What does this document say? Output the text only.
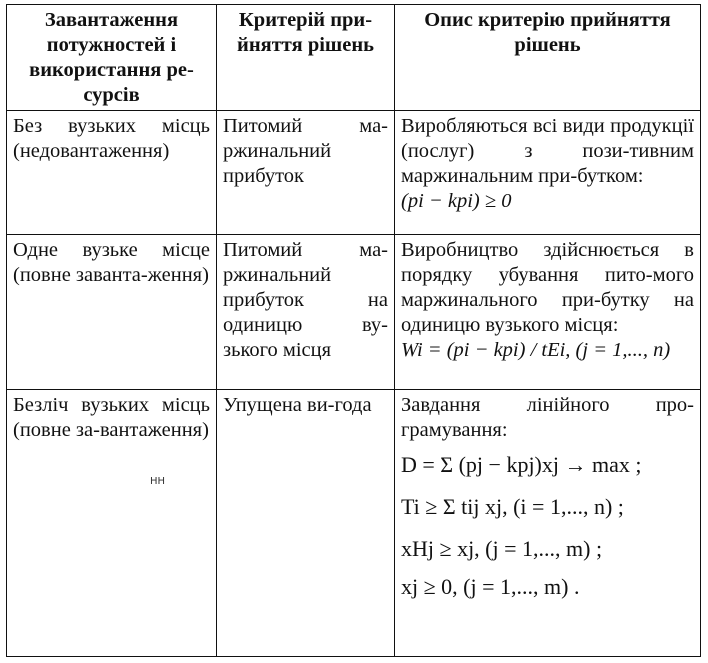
Завантаження потужностей і використання ре-сурсів	Критерій при-йняття рішень	Опис критерію прийняття рішень
Без вузьких місць (недовантаження)	Питомий ма-ржинальний прибуток	Виробляються всі види продукції (послуг) з пози-тивним маржинальним при-бутком:
(pi − kpi) ≥ 0

Одне вузьке місце (повне заванта-ження)	Питомий ма-ржинальний прибуток на одиницю ву-зького місця	Виробництво здійснюється в порядку убування пито-мого маржинального при-бутку на одиницю вузького місця:
Wi = (pi − kpi) / tEi, (j = 1,..., n)

Безліч вузьких місць (повне за-вантаження)	Упущена ви-года	Завдання лінійного про-грамування:
D = Σ (pj − kpj)xj → max ;
Ti ≥ Σ tij xj, (i = 1,..., n) ;
xHj ≥ xj, (j = 1,..., m) ;
xj ≥ 0, (j = 1,..., m) .
HH
